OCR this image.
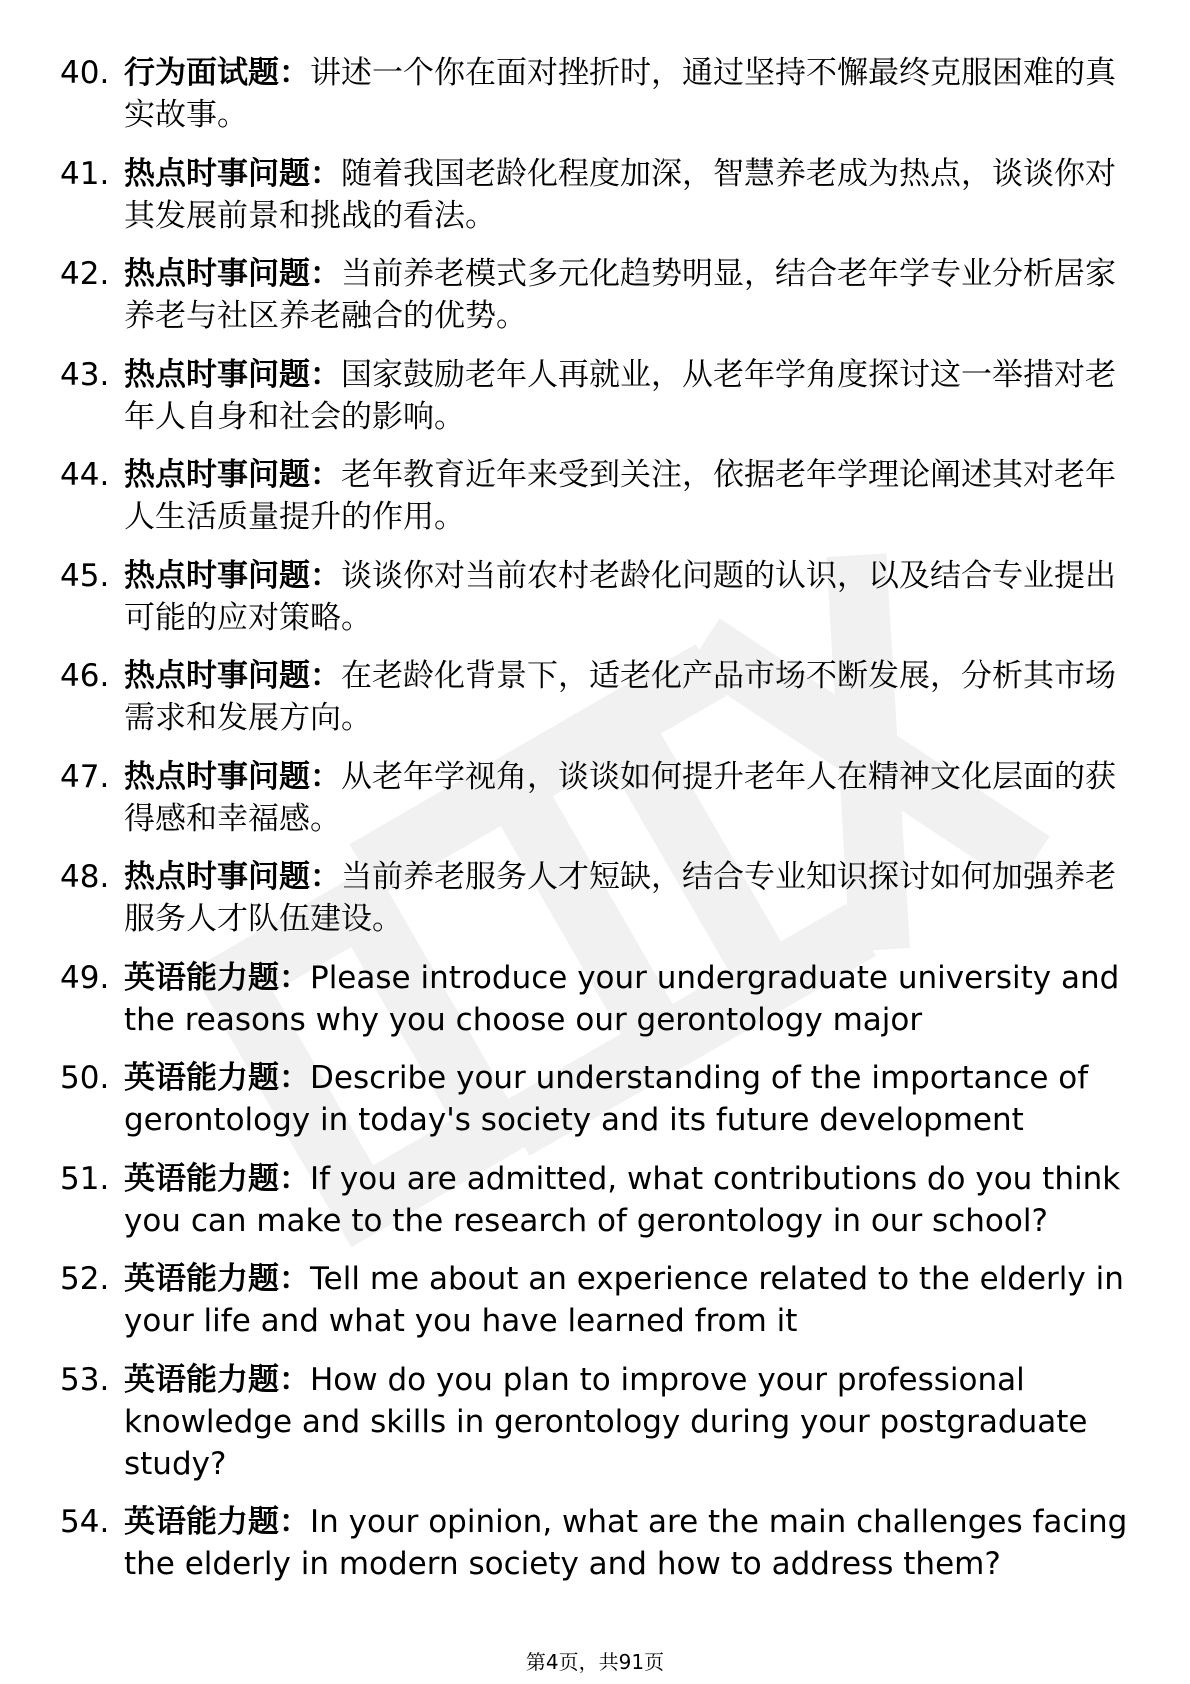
40. 行为面试题：讲述一个你在面对挫折时，通过坚持不懈最终克服困难的真实故事。
41. 热点时事问题：随着我国老龄化程度加深，智慧养老成为热点，谈谈你对其发展前景和挑战的看法。
42. 热点时事问题：当前养老模式多元化趋势明显，结合老年学专业分析居家养老与社区养老融合的优势。
43. 热点时事问题：国家鼓励老年人再就业，从老年学角度探讨这一举措对老年人自身和社会的影响。
44. 热点时事问题：老年教育近年来受到关注，依据老年学理论阐述其对老年人生活质量提升的作用。
45. 热点时事问题：谈谈你对当前农村老龄化问题的认识，以及结合专业提出可能的应对策略。
46. 热点时事问题：在老龄化背景下，适老化产品市场不断发展，分析其市场需求和发展方向。
47. 热点时事问题：从老年学视角，谈谈如何提升老年人在精神文化层面的获得感和幸福感。
48. 热点时事问题：当前养老服务人才短缺，结合专业知识探讨如何加强养老服务人才队伍建设。
49. 英语能力题：Please introduce your undergraduate university and the reasons why you choose our gerontology major
50. 英语能力题：Describe your understanding of the importance of gerontology in today's society and its future development
51. 英语能力题：If you are admitted, what contributions do you think you can make to the research of gerontology in our school?
52. 英语能力题：Tell me about an experience related to the elderly in your life and what you have learned from it
53. 英语能力题：How do you plan to improve your professional knowledge and skills in gerontology during your postgraduate study?
54. 英语能力题：In your opinion, what are the main challenges facing the elderly in modern society and how to address them?
第4页，共91页
